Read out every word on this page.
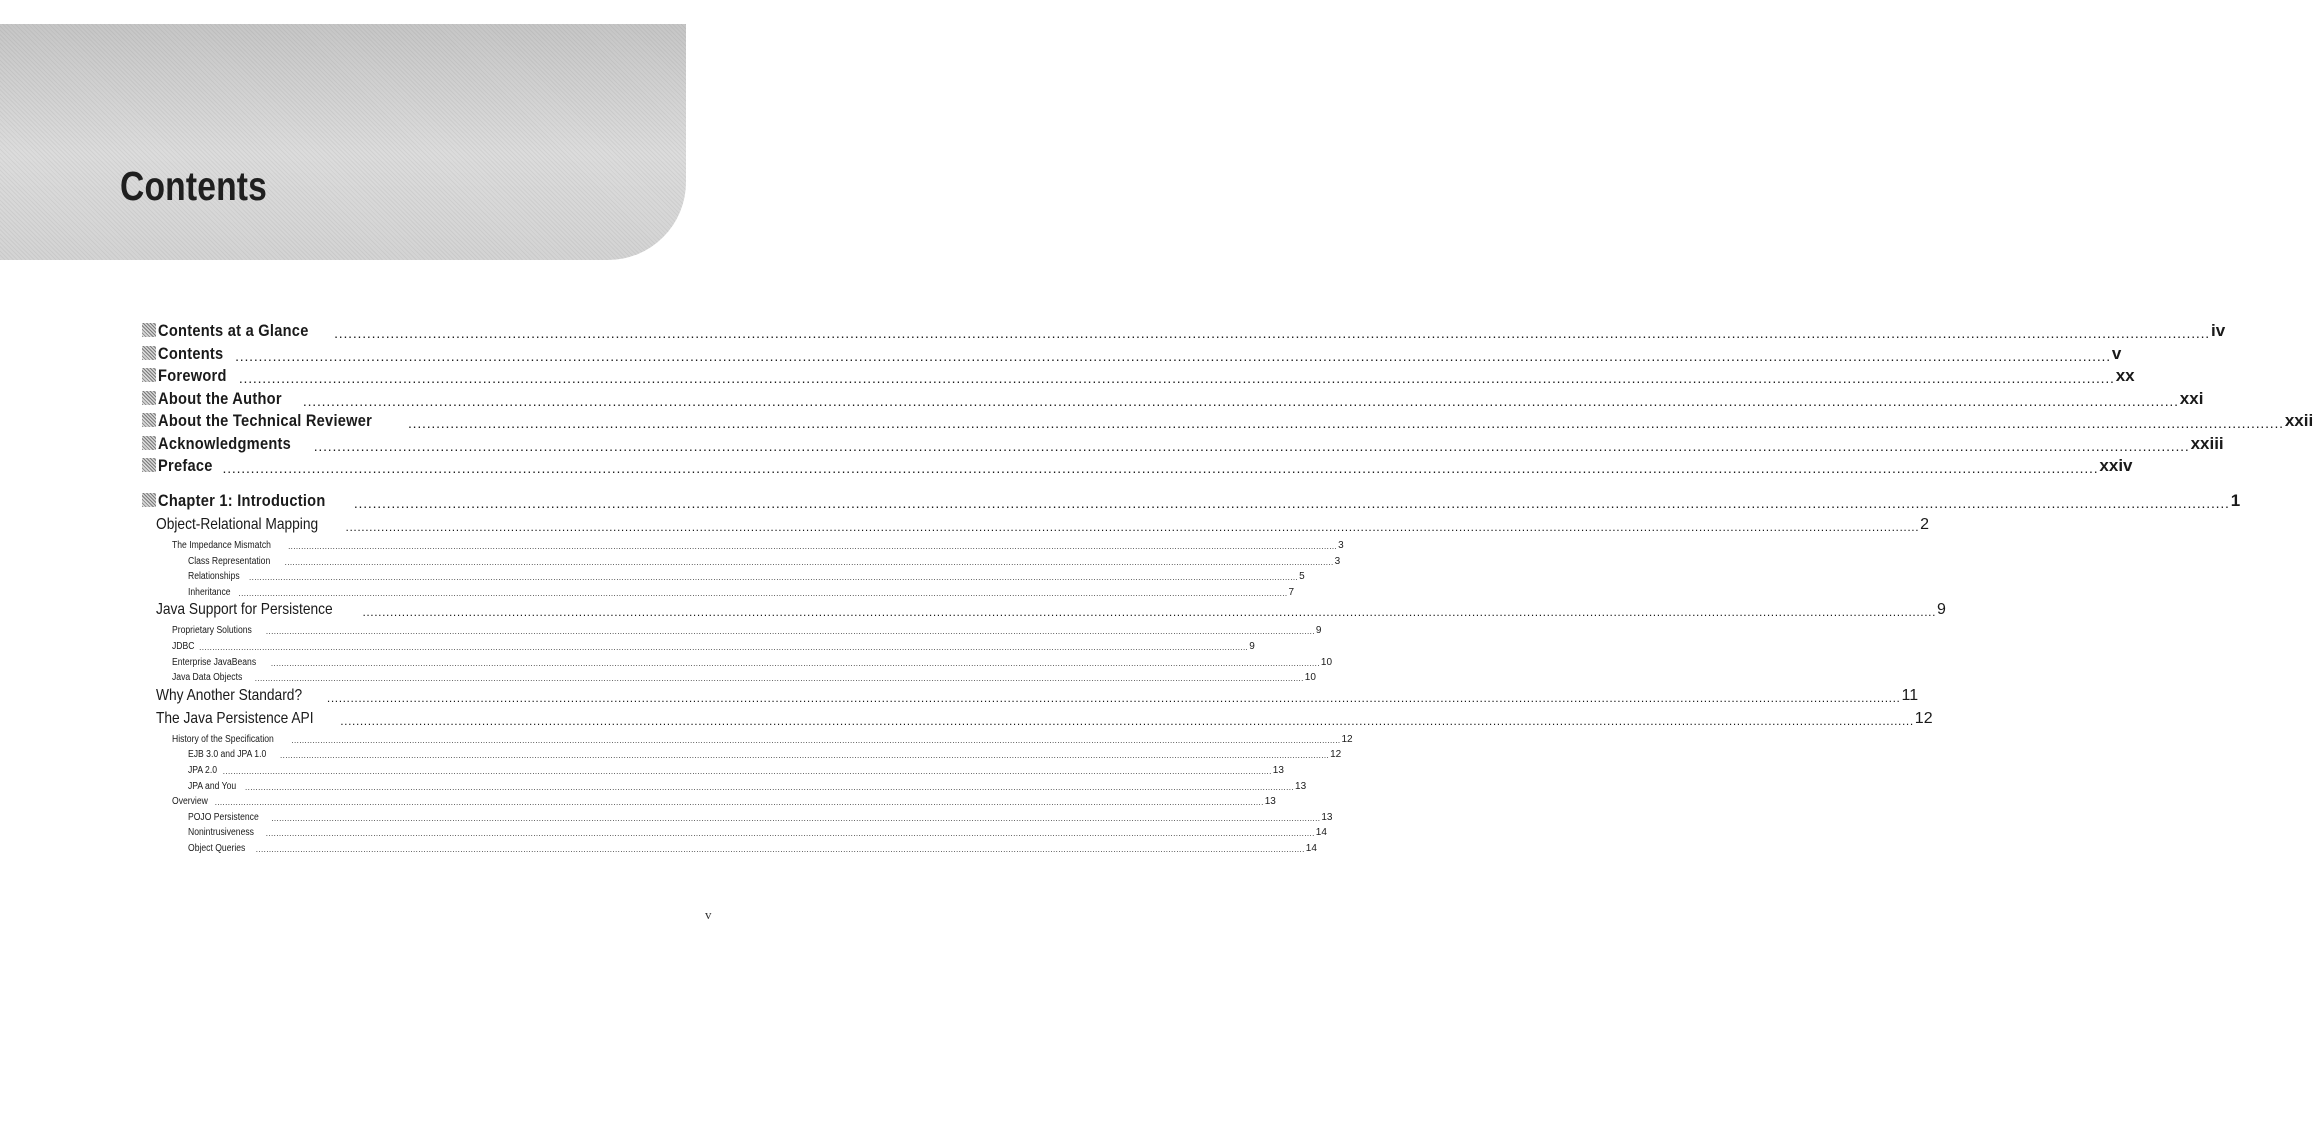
Contents
Contents at a Glance	................................................................................................................................................................................................................................................................................................................................................................................................................ iv
Contents ................................................................................................................................................................................................................................................................................................................................................................................................................ v
Foreword ................................................................................................................................................................................................................................................................................................................................................................................................................ xx
About the Author	................................................................................................................................................................................................................................................................................................................................................................................................................ xxi
About the Technical Reviewer	................................................................................................................................................................................................................................................................................................................................................................................................................ xxii
Acknowledgments	................................................................................................................................................................................................................................................................................................................................................................................................................ xxiii
Preface ................................................................................................................................................................................................................................................................................................................................................................................................................ xxiv
Chapter 1: Introduction	................................................................................................................................................................................................................................................................................................................................................................................................................ 1
Object-Relational Mapping	................................................................................................................................................................................................................................................................................................................................................................................................................ 2
The Impedance Mismatch	................................................................................................................................................................................................................................................................................................................................................................................................................ 3
Class Representation	................................................................................................................................................................................................................................................................................................................................................................................................................ 3
Relationships	................................................................................................................................................................................................................................................................................................................................................................................................................ 5
Inheritance ................................................................................................................................................................................................................................................................................................................................................................................................................ 7
Java Support for Persistence	................................................................................................................................................................................................................................................................................................................................................................................................................ 9
Proprietary Solutions	................................................................................................................................................................................................................................................................................................................................................................................................................ 9
JDBC ................................................................................................................................................................................................................................................................................................................................................................................................................ 9
Enterprise JavaBeans	................................................................................................................................................................................................................................................................................................................................................................................................................ 10
Java Data Objects	................................................................................................................................................................................................................................................................................................................................................................................................................ 10
Why Another Standard?	................................................................................................................................................................................................................................................................................................................................................................................................................ 11
The Java Persistence API	................................................................................................................................................................................................................................................................................................................................................................................................................ 12
History of the Specification	................................................................................................................................................................................................................................................................................................................................................................................................................ 12
EJB 3.0 and JPA 1.0	................................................................................................................................................................................................................................................................................................................................................................................................................ 12
JPA 2.0 ................................................................................................................................................................................................................................................................................................................................................................................................................ 13
JPA and You	................................................................................................................................................................................................................................................................................................................................................................................................................ 13
Overview ................................................................................................................................................................................................................................................................................................................................................................................................................ 13
POJO Persistence	................................................................................................................................................................................................................................................................................................................................................................................................................ 13
Nonintrusiveness	................................................................................................................................................................................................................................................................................................................................................................................................................ 14
Object Queries	................................................................................................................................................................................................................................................................................................................................................................................................................ 14
v
